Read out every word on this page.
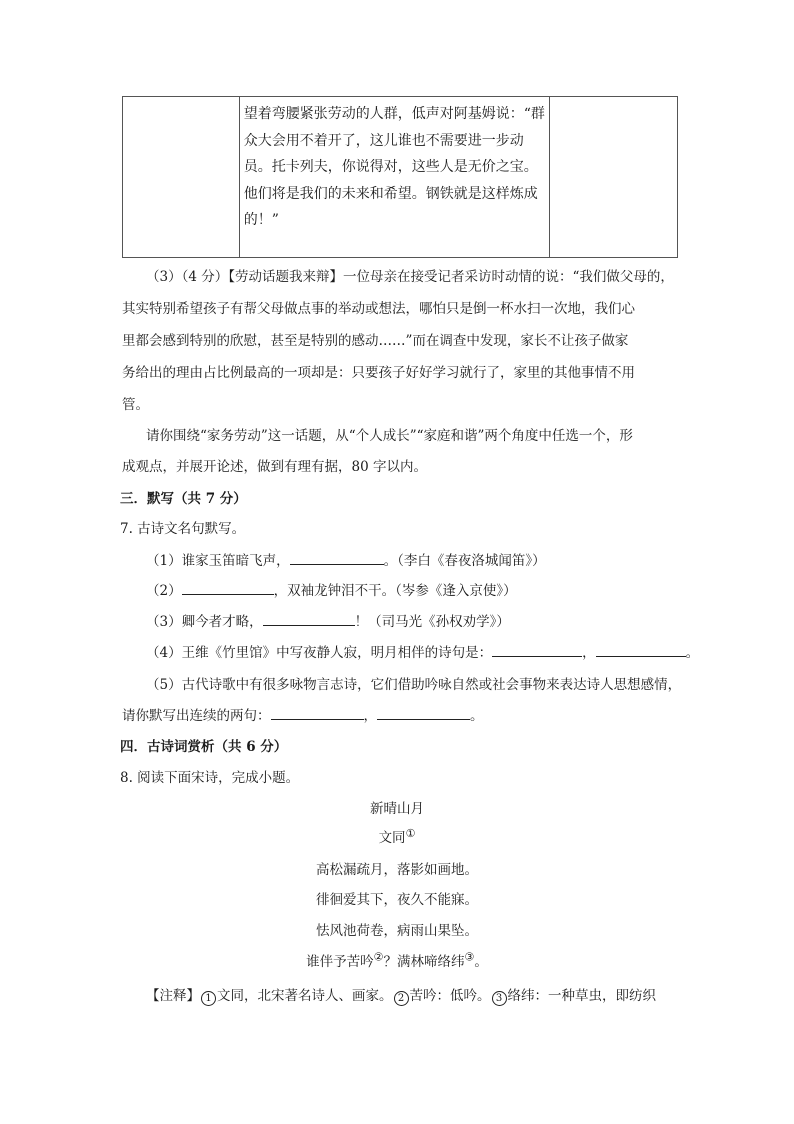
望着弯腰紧张劳动的人群，低声对阿基姆说：“群
众大会用不着开了，这儿谁也不需要进一步动
员。托卡列夫，你说得对，这些人是无价之宝。
他们将是我们的未来和希望。钢铁就是这样炼成
的！”

（3）（4 分）【劳动话题我来辩】一位母亲在接受记者采访时动情的说：“我们做父母的，
其实特别希望孩子有帮父母做点事的举动或想法，哪怕只是倒一杯水扫一次地，我们心
里都会感到特别的欣慰，甚至是特别的感动……”而在调查中发现，家长不让孩子做家
务给出的理由占比例最高的一项却是：只要孩子好好学习就行了，家里的其他事情不用
管。
请你围绕“家务劳动”这一话题，从“个人成长”“家庭和谐”两个角度中任选一个，形
成观点，并展开论述，做到有理有据，80 字以内。
三．默写（共 7 分）
7. 古诗文名句默写。
（1）谁家玉笛暗飞声，	。（李白《春夜洛城闻笛》）
（2）	，双袖龙钟泪不干。（岑参《逢入京使》）
（3）卿今者才略，	！（司马光《孙权劝学》）
（4）王维《竹里馆》中写夜静人寂，明月相伴的诗句是：	，	。
（5）古代诗歌中有很多咏物言志诗，它们借助吟咏自然或社会事物来表达诗人思想感情，
请你默写出连续的两句：	，	。
四．古诗词赏析（共 6 分）
8. 阅读下面宋诗，完成小题。
新晴山月
文同①
高松漏疏月，落影如画地。
徘徊爱其下，夜久不能寐。
怯风池荷卷，病雨山果坠。
谁伴予苦吟②？满林啼络纬③。
【注释】 1 文同，北宋著名诗人、画家。 2 苦吟：低吟。 3 络纬：一种草虫，即纺织
